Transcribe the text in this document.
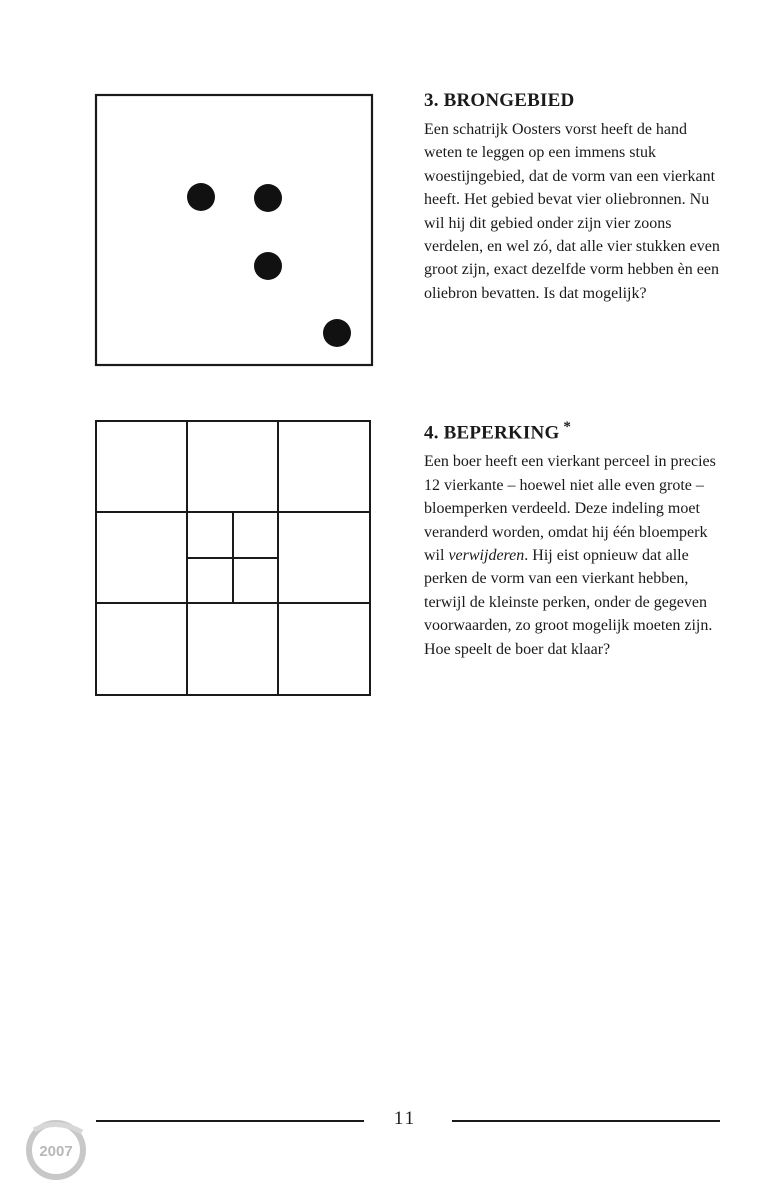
3. BRONGEBIED

Een schatrijk Oosters vorst heeft de hand weten te leggen op een immens stuk woestijngebied, dat de vorm van een vierkant heeft. Het gebied bevat vier oliebronnen. Nu wil hij dit gebied onder zijn vier zoons verdelen, en wel zó, dat alle vier stukken even groot zijn, exact dezelfde vorm hebben èn een oliebron bevatten. Is dat mogelijk?

4. BEPERKING *

Een boer heeft een vierkant perceel in precies 12 vierkante – hoewel niet alle even grote – bloemperken verdeeld. Deze indeling moet veranderd worden, omdat hij één bloemperk wil verwijderen. Hij eist opnieuw dat alle perken de vorm van een vierkant hebben, terwijl de kleinste perken, onder de gegeven voorwaarden, zo groot mogelijk moeten zijn. Hoe speelt de boer dat klaar?

11
2007
